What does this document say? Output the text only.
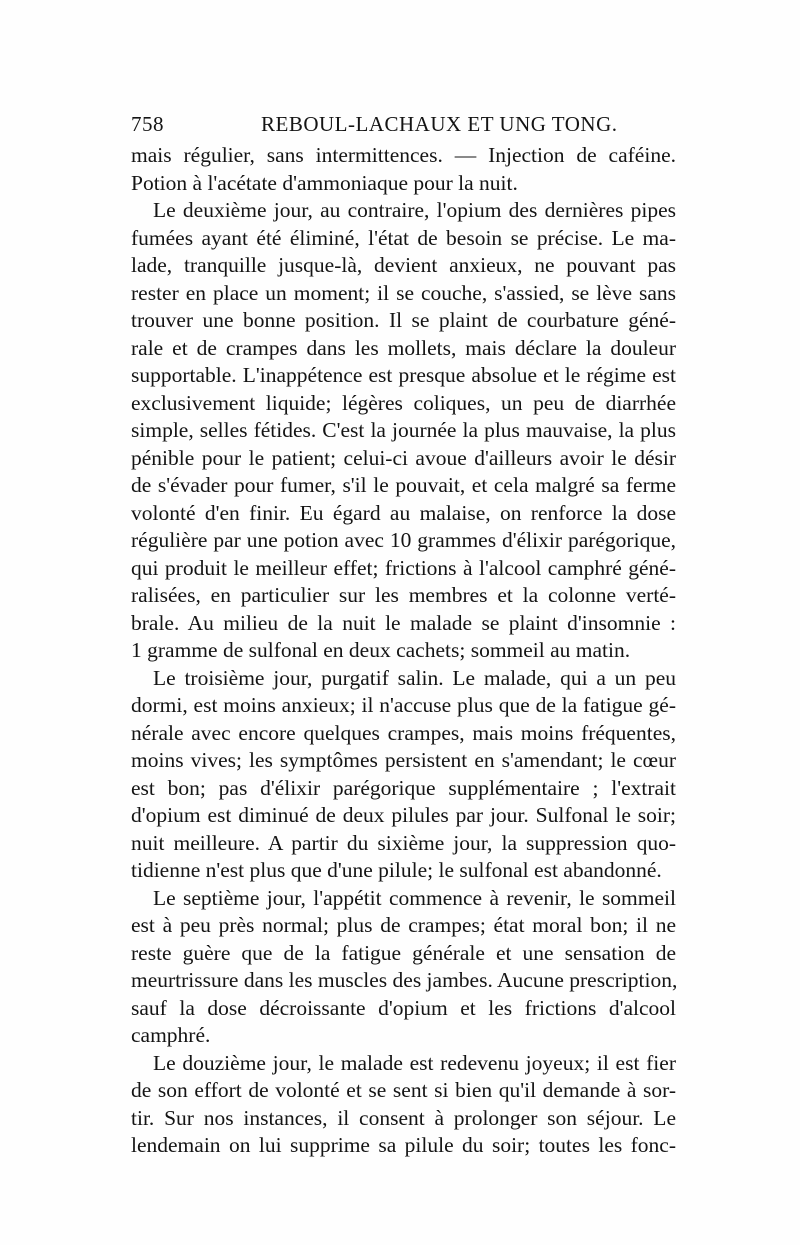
758	REBOUL-LACHAUX ET UNG TONG.
mais régulier, sans intermittences. — Injection de caféine.
Potion à l'acétate d'ammoniaque pour la nuit.
Le deuxième jour, au contraire, l'opium des dernières pipes
fumées ayant été éliminé, l'état de besoin se précise. Le ma-
lade, tranquille jusque-là, devient anxieux, ne pouvant pas
rester en place un moment; il se couche, s'assied, se lève sans
trouver une bonne position. Il se plaint de courbature géné-
rale et de crampes dans les mollets, mais déclare la douleur
supportable. L'inappétence est presque absolue et le régime est
exclusivement liquide; légères coliques, un peu de diarrhée
simple, selles fétides. C'est la journée la plus mauvaise, la plus
pénible pour le patient; celui-ci avoue d'ailleurs avoir le désir
de s'évader pour fumer, s'il le pouvait, et cela malgré sa ferme
volonté d'en finir. Eu égard au malaise, on renforce la dose
régulière par une potion avec 10 grammes d'élixir parégorique,
qui produit le meilleur effet; frictions à l'alcool camphré géné-
ralisées, en particulier sur les membres et la colonne verté-
brale. Au milieu de la nuit le malade se plaint d'insomnie :
1 gramme de sulfonal en deux cachets; sommeil au matin.
Le troisième jour, purgatif salin. Le malade, qui a un peu
dormi, est moins anxieux; il n'accuse plus que de la fatigue gé-
nérale avec encore quelques crampes, mais moins fréquentes,
moins vives; les symptômes persistent en s'amendant; le cœur
est bon; pas d'élixir parégorique supplémentaire ; l'extrait
d'opium est diminué de deux pilules par jour. Sulfonal le soir;
nuit meilleure. A partir du sixième jour, la suppression quo-
tidienne n'est plus que d'une pilule; le sulfonal est abandonné.
Le septième jour, l'appétit commence à revenir, le sommeil
est à peu près normal; plus de crampes; état moral bon; il ne
reste guère que de la fatigue générale et une sensation de
meurtrissure dans les muscles des jambes. Aucune prescription,
sauf la dose décroissante d'opium et les frictions d'alcool
camphré.
Le douzième jour, le malade est redevenu joyeux; il est fier
de son effort de volonté et se sent si bien qu'il demande à sor-
tir. Sur nos instances, il consent à prolonger son séjour. Le
lendemain on lui supprime sa pilule du soir; toutes les fonc-
